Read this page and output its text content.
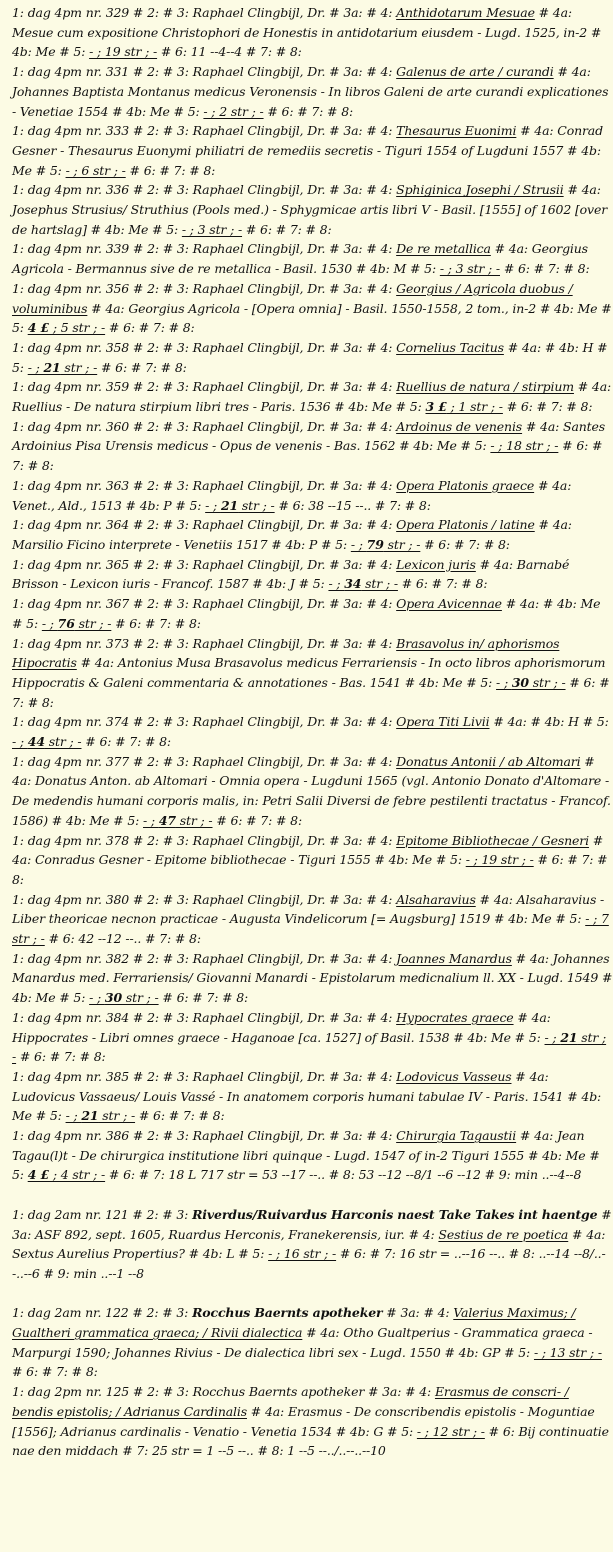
1: dag 4pm nr. 329 # 2: # 3: Raphael Clingbijl, Dr. # 3a: # 4: Anthidotarum Mesuae # 4a: Mesue cum expositione Christophori de Honestis in antidotarium eiusdem - Lugd. 1525, in-2 # 4b: Me # 5: - ; 19 str ; - # 6: 11 --4--4 # 7: # 8:

1: dag 4pm nr. 331 # 2: # 3: Raphael Clingbijl, Dr. # 3a: # 4: Galenus de arte / curandi # 4a: Johannes Baptista Montanus medicus Veronensis - In libros Galeni de arte curandi explicationes - Venetiae 1554 # 4b: Me # 5: - ; 2 str ; - # 6: # 7: # 8:

1: dag 4pm nr. 333 # 2: # 3: Raphael Clingbijl, Dr. # 3a: # 4: Thesaurus Euonimi # 4a: Conrad Gesner - Thesaurus Euonymi philiatri de remediis secretis - Tiguri 1554 of Lugduni 1557 # 4b: Me # 5: - ; 6 str ; - # 6: # 7: # 8:

1: dag 4pm nr. 336 # 2: # 3: Raphael Clingbijl, Dr. # 3a: # 4: Sphiginica Josephi / Strusii # 4a: Josephus Strusius/ Struthius (Pools med.) - Sphygmicae artis libri V - Basil. [1555] of 1602 [over de hartslag] # 4b: Me # 5: - ; 3 str ; - # 6: # 7: # 8:

1: dag 4pm nr. 339 # 2: # 3: Raphael Clingbijl, Dr. # 3a: # 4: De re metallica # 4a: Georgius Agricola - Bermannus sive de re metallica - Basil. 1530 # 4b: M # 5: - ; 3 str ; - # 6: # 7: # 8:

1: dag 4pm nr. 356 # 2: # 3: Raphael Clingbijl, Dr. # 3a: # 4: Georgius / Agricola duobus / voluminibus # 4a: Georgius Agricola - [Opera omnia] - Basil. 1550-1558, 2 tom., in-2 # 4b: Me # 5: 4 £ ; 5 str ; - # 6: # 7: # 8:

1: dag 4pm nr. 358 # 2: # 3: Raphael Clingbijl, Dr. # 3a: # 4: Cornelius Tacitus # 4a: # 4b: H # 5: - ; 21 str ; - # 6: # 7: # 8:

1: dag 4pm nr. 359 # 2: # 3: Raphael Clingbijl, Dr. # 3a: # 4: Ruellius de natura / stirpium # 4a: Ruellius - De natura stirpium libri tres - Paris. 1536 # 4b: Me # 5: 3 £ ; 1 str ; - # 6: # 7: # 8:

1: dag 4pm nr. 360 # 2: # 3: Raphael Clingbijl, Dr. # 3a: # 4: Ardoinus de venenis # 4a: Santes Ardoinius Pisa Urensis medicus - Opus de venenis - Bas. 1562 # 4b: Me # 5: - ; 18 str ; - # 6: # 7: # 8:

1: dag 4pm nr. 363 # 2: # 3: Raphael Clingbijl, Dr. # 3a: # 4: Opera Platonis graece # 4a: Venet., Ald., 1513 # 4b: P # 5: - ; 21 str ; - # 6: 38 --15 --.. # 7: # 8:

1: dag 4pm nr. 364 # 2: # 3: Raphael Clingbijl, Dr. # 3a: # 4: Opera Platonis / latine # 4a: Marsilio Ficino interprete - Venetiis 1517 # 4b: P # 5: - ; 79 str ; - # 6: # 7: # 8:

1: dag 4pm nr. 365 # 2: # 3: Raphael Clingbijl, Dr. # 3a: # 4: Lexicon juris # 4a: Barnabé Brisson - Lexicon iuris - Francof. 1587 # 4b: J # 5: - ; 34 str ; - # 6: # 7: # 8:

1: dag 4pm nr. 367 # 2: # 3: Raphael Clingbijl, Dr. # 3a: # 4: Opera Avicennae # 4a: # 4b: Me # 5: - ; 76 str ; - # 6: # 7: # 8:

1: dag 4pm nr. 373 # 2: # 3: Raphael Clingbijl, Dr. # 3a: # 4: Brasavolus in/ aphorismos Hipocratis # 4a: Antonius Musa Brasavolus medicus Ferrariensis - In octo libros aphorismorum Hippocratis & Galeni commentaria & annotationes - Bas. 1541 # 4b: Me # 5: - ; 30 str ; - # 6: # 7: # 8:

1: dag 4pm nr. 374 # 2: # 3: Raphael Clingbijl, Dr. # 3a: # 4: Opera Titi Livii # 4a: # 4b: H # 5: - ; 44 str ; - # 6: # 7: # 8:

1: dag 4pm nr. 377 # 2: # 3: Raphael Clingbijl, Dr. # 3a: # 4: Donatus Antonii / ab Altomari # 4a: Donatus Anton. ab Altomari - Omnia opera - Lugduni 1565 (vgl. Antonio Donato d'Altomare - De medendis humani corporis malis, in: Petri Salii Diversi de febre pestilenti tractatus - Francof. 1586) # 4b: Me # 5: - ; 47 str ; - # 6: # 7: # 8:

1: dag 4pm nr. 378 # 2: # 3: Raphael Clingbijl, Dr. # 3a: # 4: Epitome Bibliothecae / Gesneri # 4a: Conradus Gesner - Epitome bibliothecae - Tiguri 1555 # 4b: Me # 5: - ; 19 str ; - # 6: # 7: # 8:

1: dag 4pm nr. 380 # 2: # 3: Raphael Clingbijl, Dr. # 3a: # 4: Alsaharavius # 4a: Alsaharavius - Liber theoricae necnon practicae - Augusta Vindelicorum [= Augsburg] 1519 # 4b: Me # 5: - ; 7 str ; - # 6: 42 --12 --.. # 7: # 8:

1: dag 4pm nr. 382 # 2: # 3: Raphael Clingbijl, Dr. # 3a: # 4: Joannes Manardus # 4a: Johannes Manardus med. Ferrariensis/ Giovanni Manardi - Epistolarum medicnalium ll. XX - Lugd. 1549 # 4b: Me # 5: - ; 30 str ; - # 6: # 7: # 8:

1: dag 4pm nr. 384 # 2: # 3: Raphael Clingbijl, Dr. # 3a: # 4: Hypocrates graece # 4a: Hippocrates - Libri omnes graece - Haganoae [ca. 1527] of Basil. 1538 # 4b: Me # 5: - ; 21 str ; - # 6: # 7: # 8:

1: dag 4pm nr. 385 # 2: # 3: Raphael Clingbijl, Dr. # 3a: # 4: Lodovicus Vasseus # 4a: Ludovicus Vassaeus/ Louis Vassé - In anatomem corporis humani tabulae IV - Paris. 1541 # 4b: Me # 5: - ; 21 str ; - # 6: # 7: # 8:

1: dag 4pm nr. 386 # 2: # 3: Raphael Clingbijl, Dr. # 3a: # 4: Chirurgia Tagaustii # 4a: Jean Tagau(l)t - De chirurgica institutione libri quinque - Lugd. 1547 of in-2 Tiguri 1555 # 4b: Me # 5: 4 £ ; 4 str ; - # 6: # 7: 18 L 717 str = 53 --17 --.. # 8: 53 --12 --8/1 --6 --12 # 9: min ..--4--8

1: dag 2am nr. 121 # 2: # 3: Riverdus/Ruivardus Harconis naest Take Takes int haentge # 3a: ASF 892, sept. 1605, Ruardus Herconis, Franekerensis, iur. # 4: Sestius de re poetica # 4a: Sextus Aurelius Propertius? # 4b: L # 5: - ; 16 str ; - # 6: # 7: 16 str = ..--16 --.. # 8: ..--14 --8/..--..--6 # 9: min ..--1 --8

1: dag 2am nr. 122 # 2: # 3: Rocchus Baernts apotheker # 3a: # 4: Valerius Maximus; / Gualtheri grammatica graeca; / Rivii dialectica # 4a: Otho Gualtperius - Grammatica graeca - Marpurgi 1590; Johannes Rivius - De dialectica libri sex - Lugd. 1550 # 4b: GP # 5: - ; 13 str ; - # 6: # 7: # 8:

1: dag 2pm nr. 125 # 2: # 3: Rocchus Baernts apotheker # 3a: # 4: Erasmus de conscri- / bendis epistolis; / Adrianus Cardinalis # 4a: Erasmus - De conscribendis epistolis - Moguntiae [1556]; Adrianus cardinalis - Venatio - Venetia 1534 # 4b: G # 5: - ; 12 str ; - # 6: Bij continuatie nae den middach # 7: 25 str = 1 --5 --.. # 8: 1 --5 --../..--..--10
